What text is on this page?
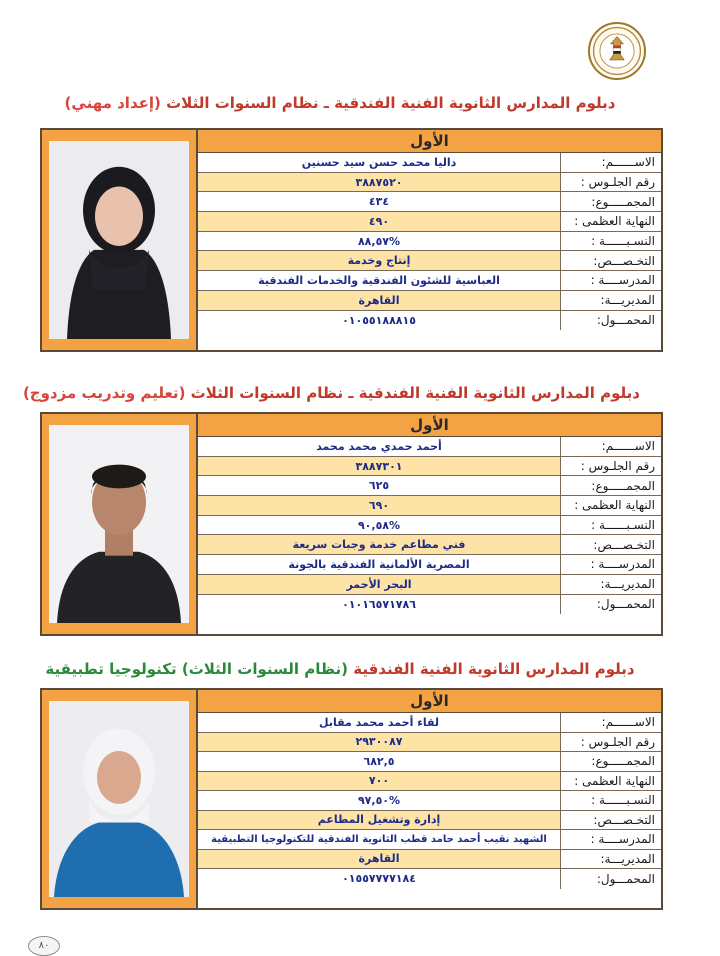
دبلوم المدارس الثانوية الفنية الفندقية ـ نظام السنوات الثلاث (إعداد مهني)
الأول
داليا محمد حسن سيد حسنين	الاســــــم:
٣٨٨٧٥٢٠	رقم الجلـوس :
٤٣٤	المجمـــــوع:
٤٩٠	النهاية العظمى :
%٨٨,٥٧	النسـبــــــة :
إنتاج وخدمة	التخـصـــص:
العباسية للشئون الفندقية والخدمات الفندقية	المدرســــة :
القاهرة	المديريـــة:
٠١٠٥٥١٨٨٨١٥	المحمـــول:
دبلوم المدارس الثانوية الفنية الفندقية ـ نظام السنوات الثلاث (تعليم وتدريب مزدوج)
الأول
أحمد حمدي محمد محمد	الاســــــم:
٣٨٨٧٣٠١	رقم الجلـوس :
٦٢٥	المجمـــــوع:
٦٩٠	النهاية العظمى :
%٩٠,٥٨	النسـبــــــة :
فني مطاعم خدمة وجبات سريعة	التخـصـــص:
المصرية الألمانية الفندقية بالجونة	المدرســــة :
البحر الأحمر	المديريـــة:
٠١٠١٦٥٧١٧٨٦	المحمـــول:
دبلوم المدارس الثانوية الفنية الفندقية (نظام السنوات الثلاث) تكنولوجيا تطبيقية
الأول
لقاء أحمد محمد مقابل	الاســــــم:
٢٩٣٠٠٨٧	رقم الجلـوس :
٦٨٢,٥	المجمـــــوع:
٧٠٠	النهاية العظمى :
%٩٧,٥٠	النسـبــــــة :
إدارة وتشغيل المطاعم	التخـصـــص:
الشهيد نقيب أحمد حامد قطب الثانوية الفندقية للتكنولوجيا التطبيقية	المدرســــة :
القاهرة	المديريـــة:
٠١٥٥٧٧٧٧١٨٤	المحمـــول:
٨٠
